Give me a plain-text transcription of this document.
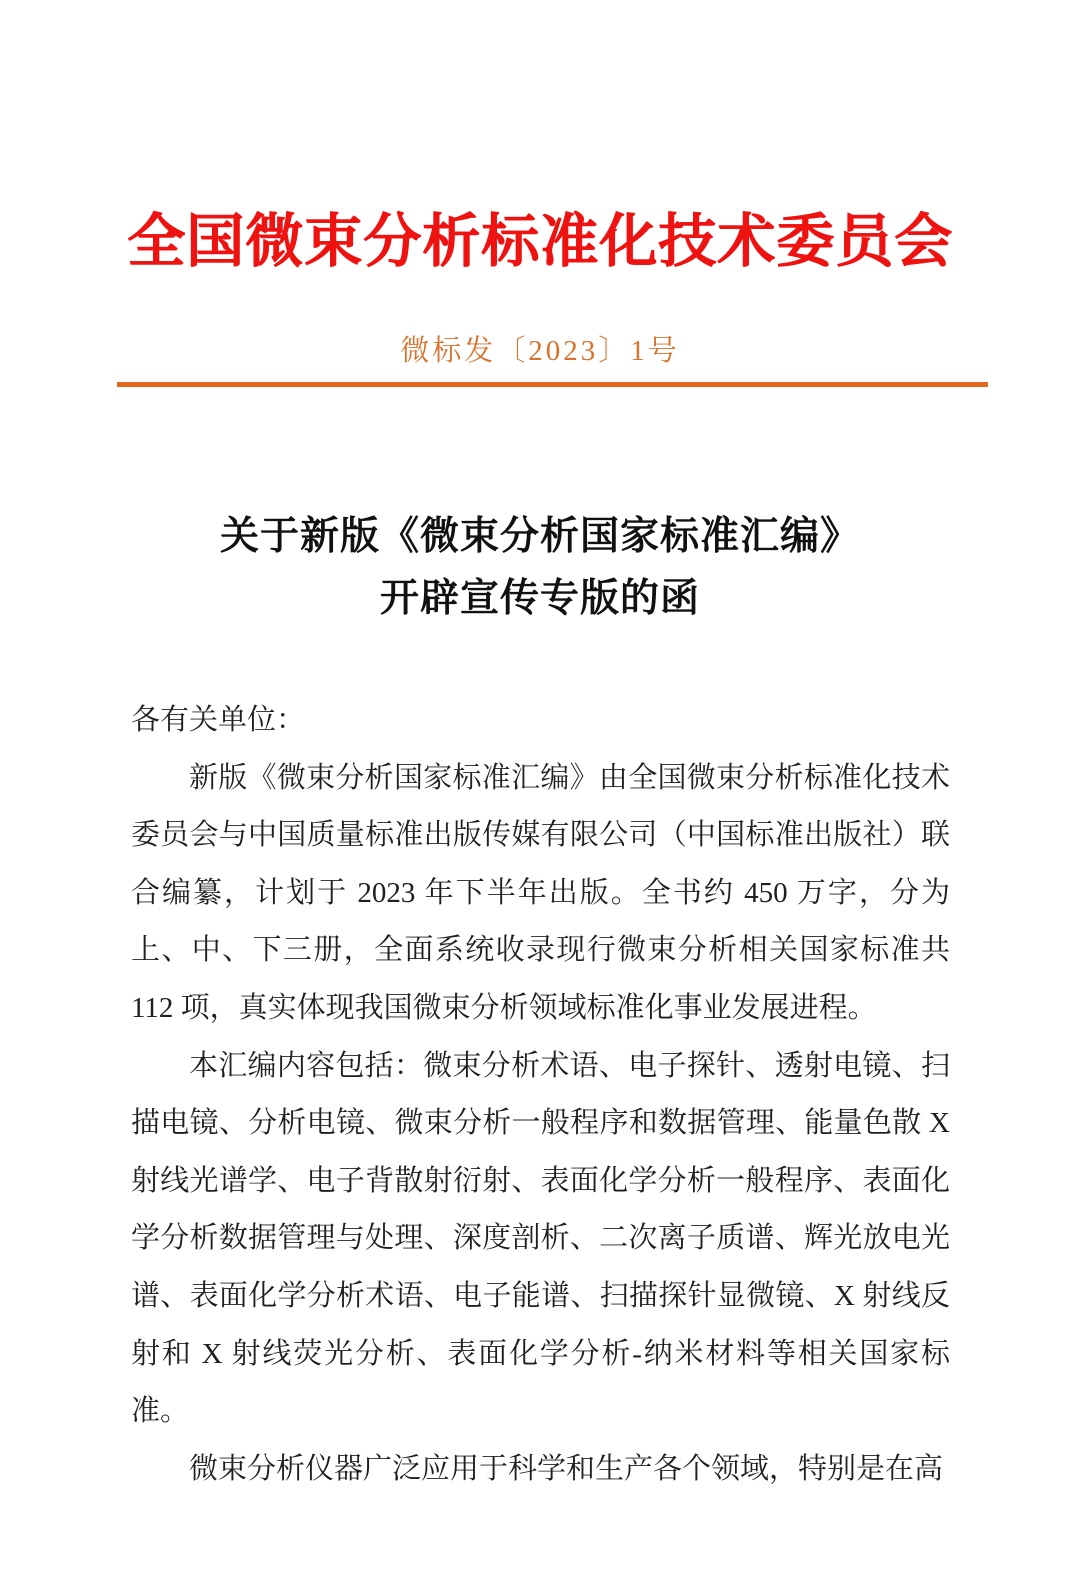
全国微束分析标准化技术委员会
微标发〔2023〕1号
关于新版《微束分析国家标准汇编》
开辟宣传专版的函

各有关单位：

新版《微束分析国家标准汇编》由全国微束分析标准化技术委员会与中国质量标准出版传媒有限公司（中国标准出版社）联合编纂，计划于 2023 年下半年出版。全书约 450 万字，分为上、中、下三册，全面系统收录现行微束分析相关国家标准共 112 项，真实体现我国微束分析领域标准化事业发展进程。

本汇编内容包括：微束分析术语、电子探针、透射电镜、扫描电镜、分析电镜、微束分析一般程序和数据管理、能量色散 X 射线光谱学、电子背散射衍射、表面化学分析一般程序、表面化学分析数据管理与处理、深度剖析、二次离子质谱、辉光放电光谱、表面化学分析术语、电子能谱、扫描探针显微镜、X 射线反射和 X 射线荧光分析、表面化学分析-纳米材料等相关国家标准。

微束分析仪器广泛应用于科学和生产各个领域，特别是在高
